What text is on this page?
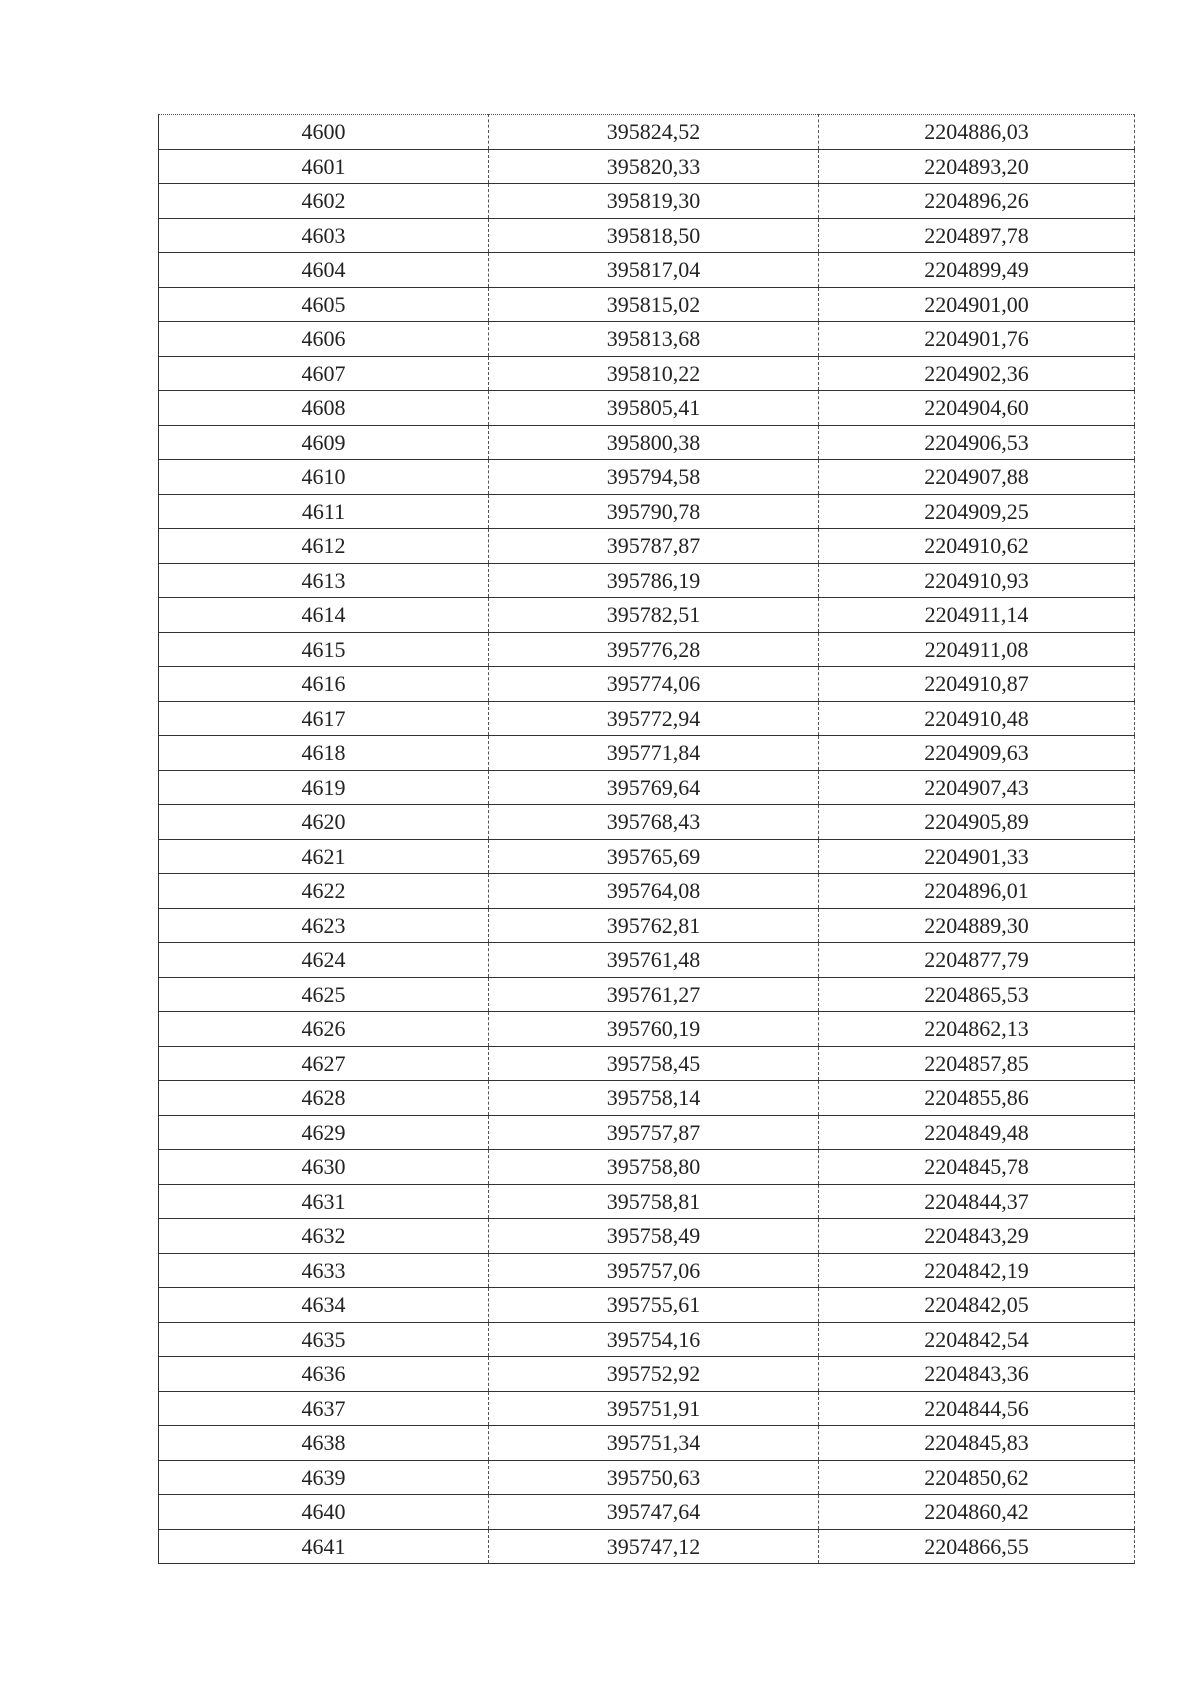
4600	395824,52	2204886,03
4601	395820,33	2204893,20
4602	395819,30	2204896,26
4603	395818,50	2204897,78
4604	395817,04	2204899,49
4605	395815,02	2204901,00
4606	395813,68	2204901,76
4607	395810,22	2204902,36
4608	395805,41	2204904,60
4609	395800,38	2204906,53
4610	395794,58	2204907,88
4611	395790,78	2204909,25
4612	395787,87	2204910,62
4613	395786,19	2204910,93
4614	395782,51	2204911,14
4615	395776,28	2204911,08
4616	395774,06	2204910,87
4617	395772,94	2204910,48
4618	395771,84	2204909,63
4619	395769,64	2204907,43
4620	395768,43	2204905,89
4621	395765,69	2204901,33
4622	395764,08	2204896,01
4623	395762,81	2204889,30
4624	395761,48	2204877,79
4625	395761,27	2204865,53
4626	395760,19	2204862,13
4627	395758,45	2204857,85
4628	395758,14	2204855,86
4629	395757,87	2204849,48
4630	395758,80	2204845,78
4631	395758,81	2204844,37
4632	395758,49	2204843,29
4633	395757,06	2204842,19
4634	395755,61	2204842,05
4635	395754,16	2204842,54
4636	395752,92	2204843,36
4637	395751,91	2204844,56
4638	395751,34	2204845,83
4639	395750,63	2204850,62
4640	395747,64	2204860,42
4641	395747,12	2204866,55
